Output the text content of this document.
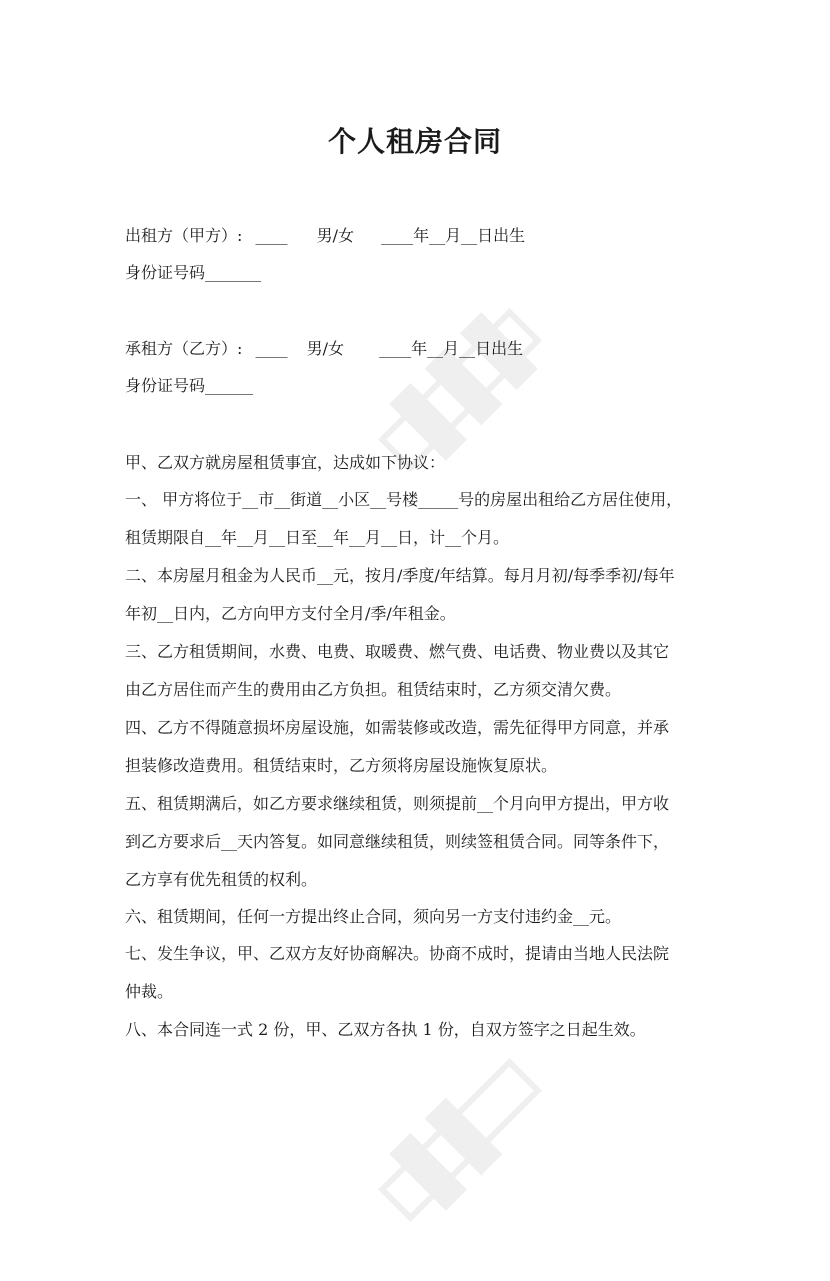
个人租房合同
出租方（甲方）: ____ 男/女 ____年__月__日出生
身份证号码_______
承租方（乙方）: ____ 男/女 ____年__月__日出生
身份证号码______
甲、乙双方就房屋租赁事宜，达成如下协议：
一、 甲方将位于__市__街道__小区__号楼_____号的房屋出租给乙方居住使用，
租赁期限自__年__月__日至__年__月__日，计__个月。
二、本房屋月租金为人民币__元，按月/季度/年结算。每月月初/每季季初/每年
年初__日内，乙方向甲方支付全月/季/年租金。
三、乙方租赁期间，水费、电费、取暖费、燃气费、电话费、物业费以及其它
由乙方居住而产生的费用由乙方负担。租赁结束时，乙方须交清欠费。
四、乙方不得随意损坏房屋设施，如需装修或改造，需先征得甲方同意，并承
担装修改造费用。租赁结束时，乙方须将房屋设施恢复原状。
五、租赁期满后，如乙方要求继续租赁，则须提前__个月向甲方提出，甲方收
到乙方要求后__天内答复。如同意继续租赁，则续签租赁合同。同等条件下，
乙方享有优先租赁的权利。
六、租赁期间，任何一方提出终止合同，须向另一方支付违约金__元。
七、发生争议，甲、乙双方友好协商解决。协商不成时，提请由当地人民法院
仲裁。
八、本合同连一式 2 份，甲、乙双方各执 1 份，自双方签字之日起生效。
